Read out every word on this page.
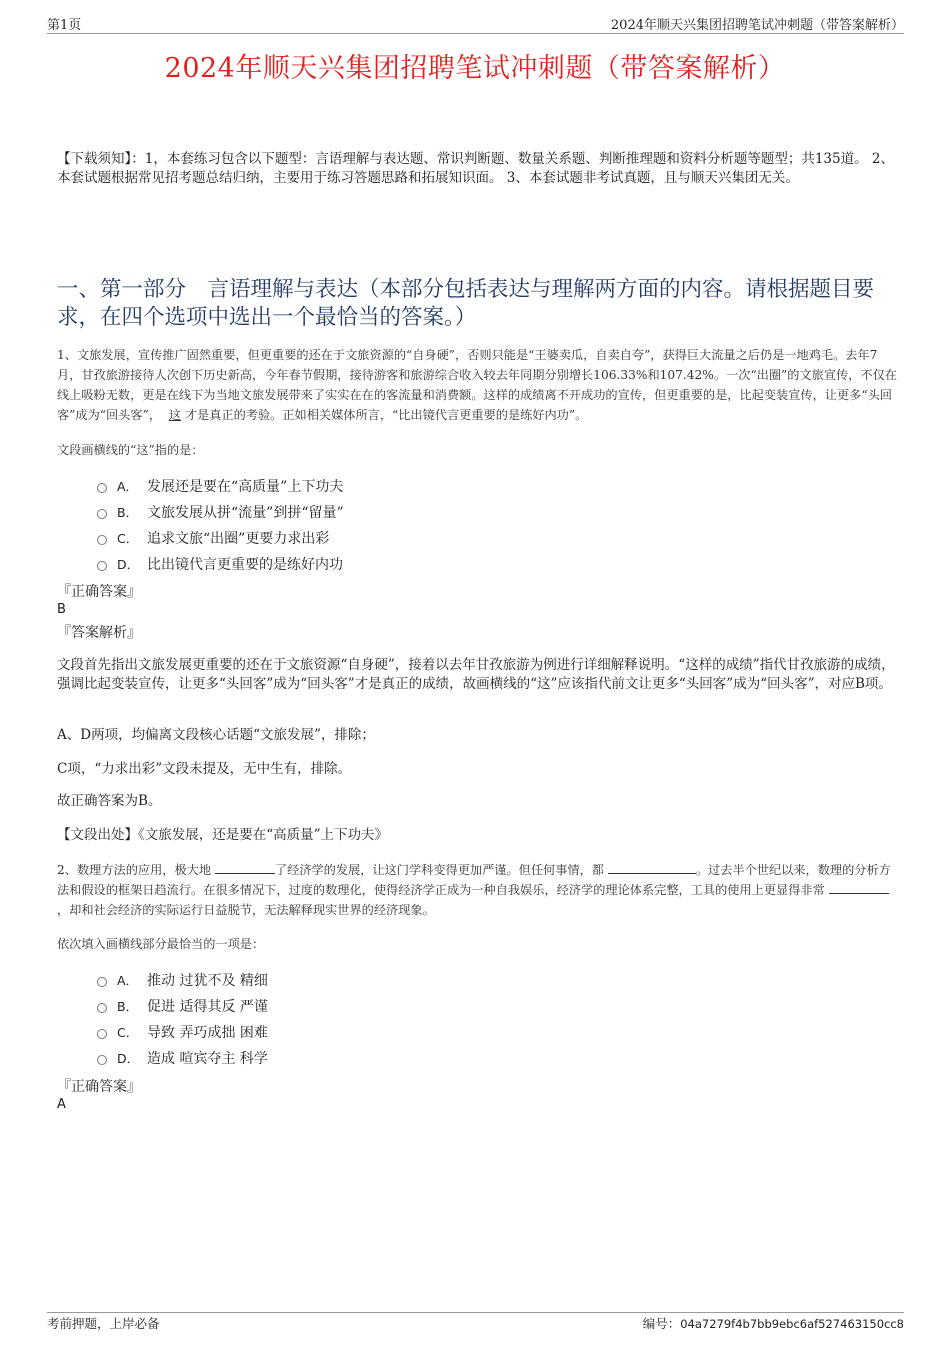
第1页	2024年顺天兴集团招聘笔试冲刺题（带答案解析）
2024年顺天兴集团招聘笔试冲刺题（带答案解析）
【下载须知】：1，本套练习包含以下题型：言语理解与表达题、常识判断题、数量关系题、判断推理题和资料分析题等题型；共135道。 2、本套试题根据常见招考题总结归纳，主要用于练习答题思路和拓展知识面。 3、本套试题非考试真题，且与顺天兴集团无关。
一、第一部分　言语理解与表达（本部分包括表达与理解两方面的内容。请根据题目要求，在四个选项中选出一个最恰当的答案。）
1、文旅发展，宣传推广固然重要，但更重要的还在于文旅资源的“自身硬”，否则只能是“王婆卖瓜，自卖自夸”，获得巨大流量之后仍是一地鸡毛。去年7月，甘孜旅游接待人次创下历史新高，今年春节假期，接待游客和旅游综合收入较去年同期分别增长106.33%和107.42%。一次“出圈”的文旅宣传，不仅在线上吸粉无数，更是在线下为当地文旅发展带来了实实在在的客流量和消费额。这样的成绩离不开成功的宣传，但更重要的是，比起变装宣传，让更多“头回客”成为“回头客”， 这 才是真正的考验。正如相关媒体所言，“比出镜代言更重要的是练好内功”。
文段画横线的“这”指的是：
A． 发展还是要在“高质量”上下功夫
B． 文旅发展从拼“流量”到拼“留量”
C． 追求文旅“出圈”更要力求出彩
D． 比出镜代言更重要的是练好内功
『正确答案』
B
『答案解析』
文段首先指出文旅发展更重要的还在于文旅资源“自身硬”，接着以去年甘孜旅游为例进行详细解释说明。“这样的成绩”指代甘孜旅游的成绩，强调比起变装宣传，让更多“头回客”成为“回头客”才是真正的成绩，故画横线的“这”应该指代前文让更多“头回客”成为“回头客”，对应B项。
A、D两项，均偏离文段核心话题“文旅发展”，排除；
C项，“力求出彩”文段未提及，无中生有，排除。
故正确答案为B。
【文段出处】《文旅发展，还是要在“高质量”上下功夫》
2、数理方法的应用，极大地	了经济学的发展，让这门学科变得更加严谨。但任何事情，都	。过去半个世纪以来，数理的分析方法和假设的框架日趋流行。在很多情况下，过度的数理化，使得经济学正成为一种自我娱乐，经济学的理论体系完整，工具的使用上更显得非常 ，却和社会经济的实际运行日益脱节，无法解释现实世界的经济现象。
依次填入画横线部分最恰当的一项是：
A． 推动 过犹不及 精细
B． 促进 适得其反 严谨
C． 导致 弄巧成拙 困难
D． 造成 喧宾夺主 科学
『正确答案』
A
考前押题，上岸必备	编号：04a7279f4b7bb9ebc6af527463150cc8
